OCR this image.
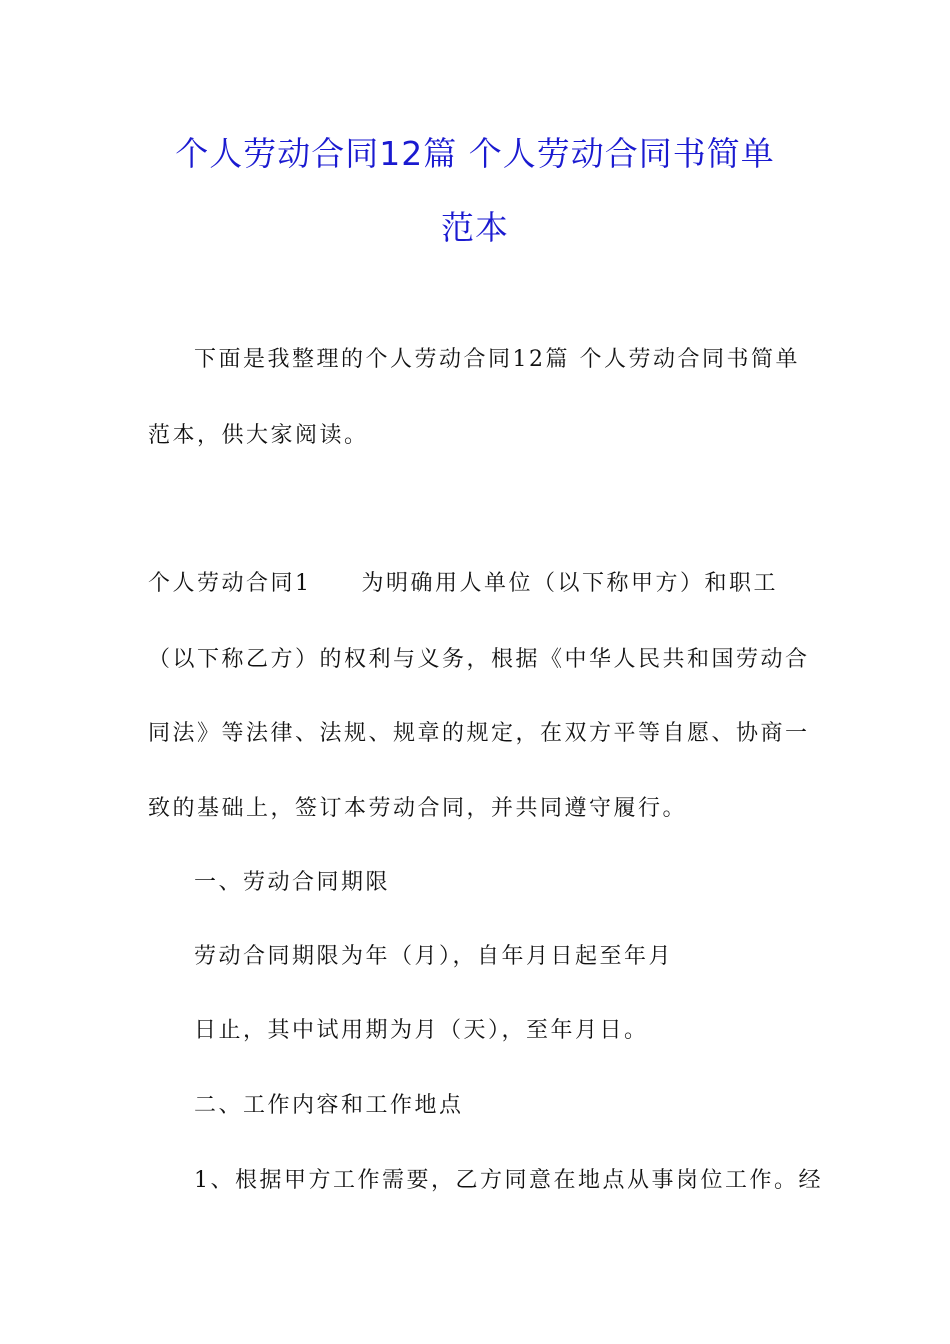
个人劳动合同12篇 个人劳动合同书简单
范本
下面是我整理的个人劳动合同12篇 个人劳动合同书简单
范本，供大家阅读。
个人劳动合同1 为明确用人单位（以下称甲方）和职工
（以下称乙方）的权利与义务，根据《中华人民共和国劳动合
同法》等法律、法规、规章的规定，在双方平等自愿、协商一
致的基础上，签订本劳动合同，并共同遵守履行。
一、劳动合同期限
劳动合同期限为年（月），自年月日起至年月
日止，其中试用期为月（天），至年月日。
二、工作内容和工作地点
1、根据甲方工作需要，乙方同意在地点从事岗位工作。经
